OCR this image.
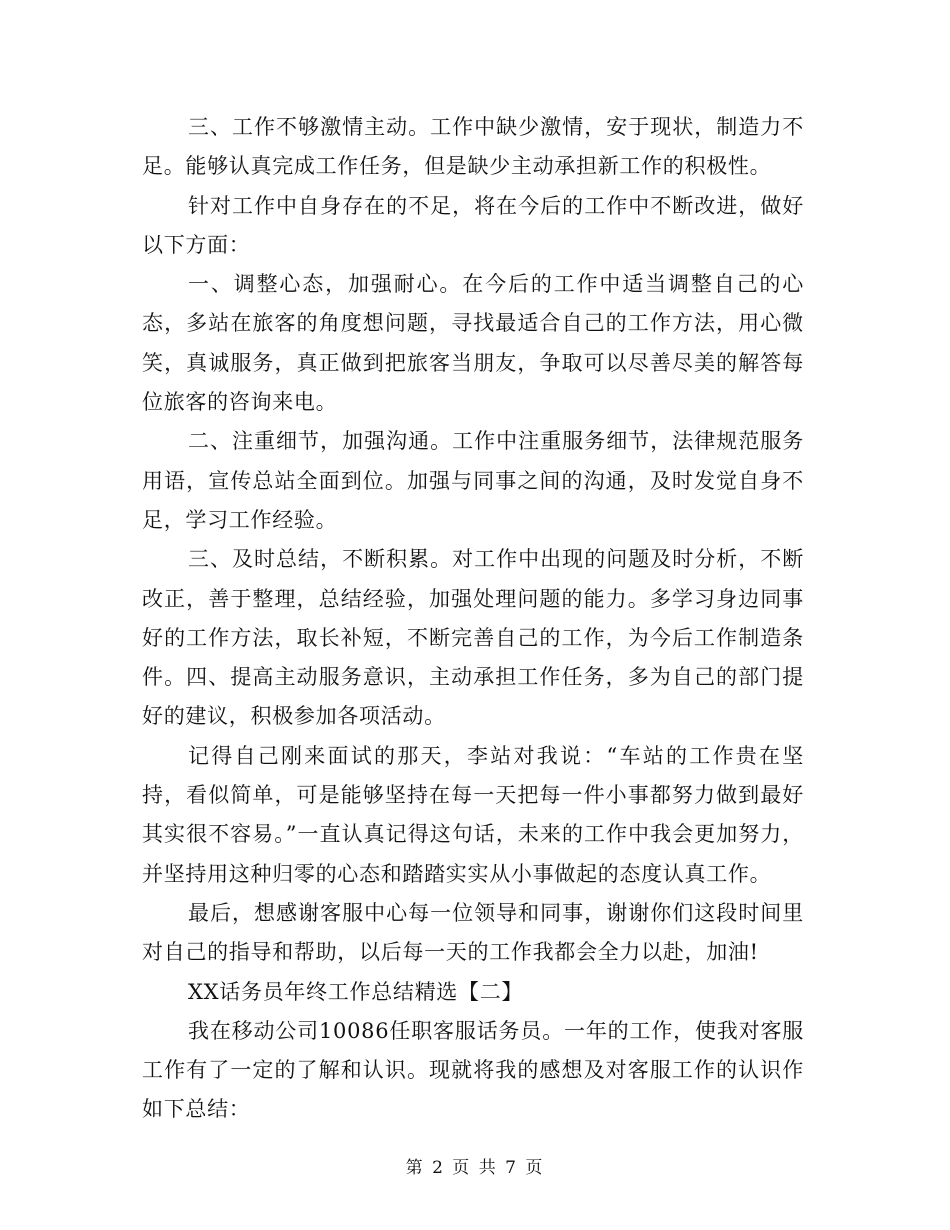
三、工作不够激情主动。工作中缺少激情，安于现状，制造力不足。能够认真完成工作任务，但是缺少主动承担新工作的积极性。

针对工作中自身存在的不足，将在今后的工作中不断改进，做好以下方面：

一、调整心态，加强耐心。在今后的工作中适当调整自己的心态，多站在旅客的角度想问题，寻找最适合自己的工作方法，用心微笑，真诚服务，真正做到把旅客当朋友，争取可以尽善尽美的解答每位旅客的咨询来电。

二、注重细节，加强沟通。工作中注重服务细节，法律规范服务用语，宣传总站全面到位。加强与同事之间的沟通，及时发觉自身不足，学习工作经验。

三、及时总结，不断积累。对工作中出现的问题及时分析，不断改正，善于整理，总结经验，加强处理问题的能力。多学习身边同事好的工作方法，取长补短，不断完善自己的工作，为今后工作制造条件。四、提高主动服务意识，主动承担工作任务，多为自己的部门提好的建议，积极参加各项活动。

记得自己刚来面试的那天，李站对我说：“车站的工作贵在坚持，看似简单，可是能够坚持在每一天把每一件小事都努力做到最好其实很不容易。”一直认真记得这句话，未来的工作中我会更加努力，并坚持用这种归零的心态和踏踏实实从小事做起的态度认真工作。

最后，想感谢客服中心每一位领导和同事，谢谢你们这段时间里对自己的指导和帮助，以后每一天的工作我都会全力以赴，加油!

XX话务员年终工作总结精选【二】

我在移动公司10086任职客服话务员。一年的工作，使我对客服工作有了一定的了解和认识。现就将我的感想及对客服工作的认识作如下总结：

第 2 页 共 7 页
